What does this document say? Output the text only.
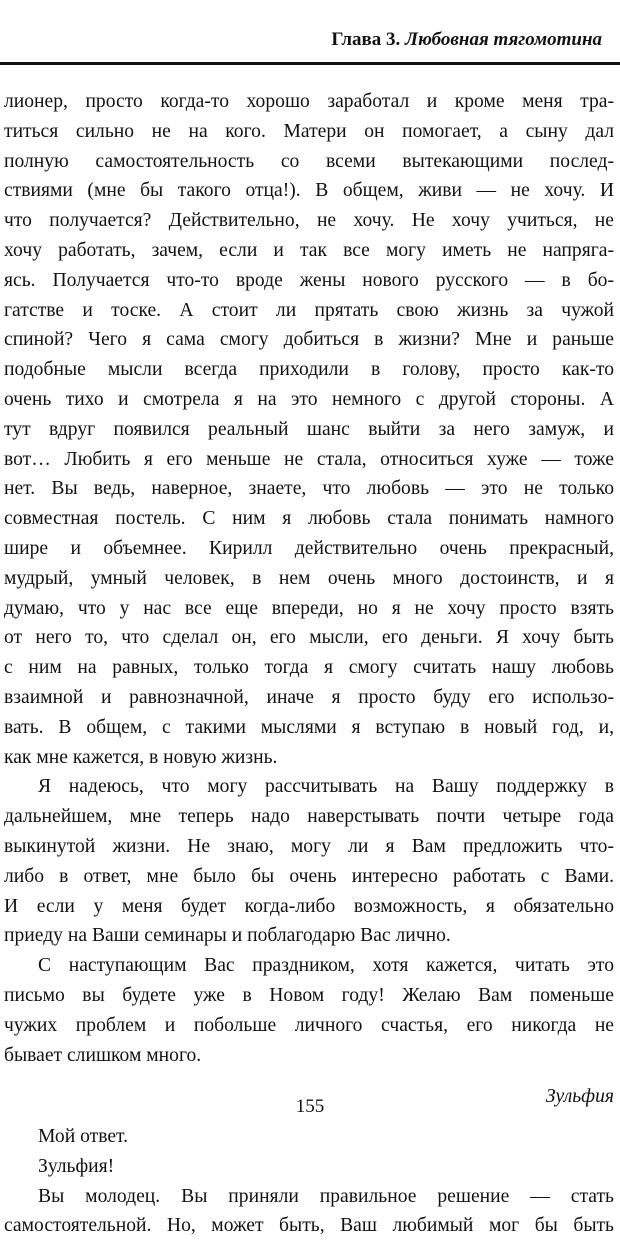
Глава 3. Любовная тягомотина
лионер, просто когда-то хорошо заработал и кроме меня тра-
титься сильно не на кого. Матери он помогает, а сыну дал
полную самостоятельность со всеми вытекающими послед-
ствиями (мне бы такого отца!). В общем, живи — не хочу. И
что получается? Действительно, не хочу. Не хочу учиться, не
хочу работать, зачем, если и так все могу иметь не напряга-
ясь. Получается что-то вроде жены нового русского — в бо-
гатстве и тоске. А стоит ли прятать свою жизнь за чужой
спиной? Чего я сама смогу добиться в жизни? Мне и раньше
подобные мысли всегда приходили в голову, просто как-то
очень тихо и смотрела я на это немного с другой стороны. А
тут вдруг появился реальный шанс выйти за него замуж, и
вот… Любить я его меньше не стала, относиться хуже — тоже
нет. Вы ведь, наверное, знаете, что любовь — это не только
совместная постель. С ним я любовь стала понимать намного
шире и объемнее. Кирилл действительно очень прекрасный,
мудрый, умный человек, в нем очень много достоинств, и я
думаю, что у нас все еще впереди, но я не хочу просто взять
от него то, что сделал он, его мысли, его деньги. Я хочу быть
с ним на равных, только тогда я смогу считать нашу любовь
взаимной и равнозначной, иначе я просто буду его использо-
вать. В общем, с такими мыслями я вступаю в новый год, и,
как мне кажется, в новую жизнь.
Я надеюсь, что могу рассчитывать на Вашу поддержку в
дальнейшем, мне теперь надо наверстывать почти четыре года
выкинутой жизни. Не знаю, могу ли я Вам предложить что-
либо в ответ, мне было бы очень интересно работать с Вами.
И если у меня будет когда-либо возможность, я обязательно
приеду на Ваши семинары и поблагодарю Вас лично.
С наступающим Вас праздником, хотя кажется, читать это
письмо вы будете уже в Новом году! Желаю Вам поменьше
чужих проблем и побольше личного счастья, его никогда не
бывает слишком много.
Зульфия
Мой ответ.
Зульфия!
Вы молодец. Вы приняли правильное решение — стать
самостоятельной. Но, может быть, Ваш любимый мог бы быть
155
